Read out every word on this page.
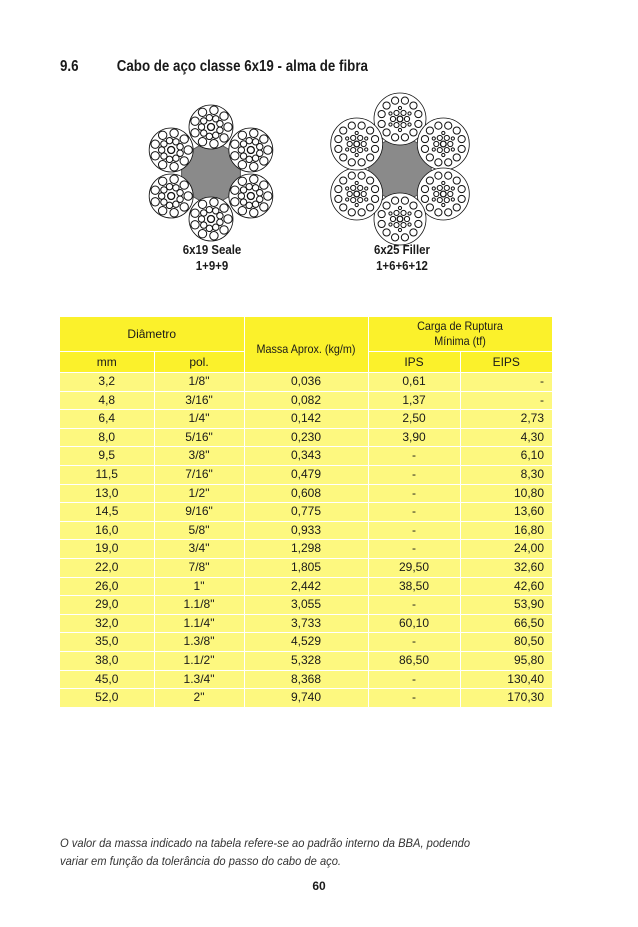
9.6 Cabo de aço classe 6x19 - alma de fibra
6x19 Seale
1+9+9
6x25 Filler
1+6+6+12
Diâmetro		Massa Aprox. (kg/m)	Carga de Ruptura Mínima (tf)	
mm	pol.		IPS	EIPS
3,2	1/8"	0,036	0,61	-
4,8	3/16"	0,082	1,37	-
6,4	1/4"	0,142	2,50	2,73
8,0	5/16"	0,230	3,90	4,30
9,5	3/8"	0,343	-	6,10
11,5	7/16"	0,479	-	8,30
13,0	1/2"	0,608	-	10,80
14,5	9/16"	0,775	-	13,60
16,0	5/8"	0,933	-	16,80
19,0	3/4"	1,298	-	24,00
22,0	7/8"	1,805	29,50	32,60
26,0	1"	2,442	38,50	42,60
29,0	1.1/8"	3,055	-	53,90
32,0	1.1/4"	3,733	60,10	66,50
35,0	1.3/8"	4,529	-	80,50
38,0	1.1/2"	5,328	86,50	95,80
45,0	1.3/4"	8,368	-	130,40
52,0	2"	9,740	-	170,30
O valor da massa indicado na tabela refere-se ao padrão interno da BBA, podendo
variar em função da tolerância do passo do cabo de aço.
60
